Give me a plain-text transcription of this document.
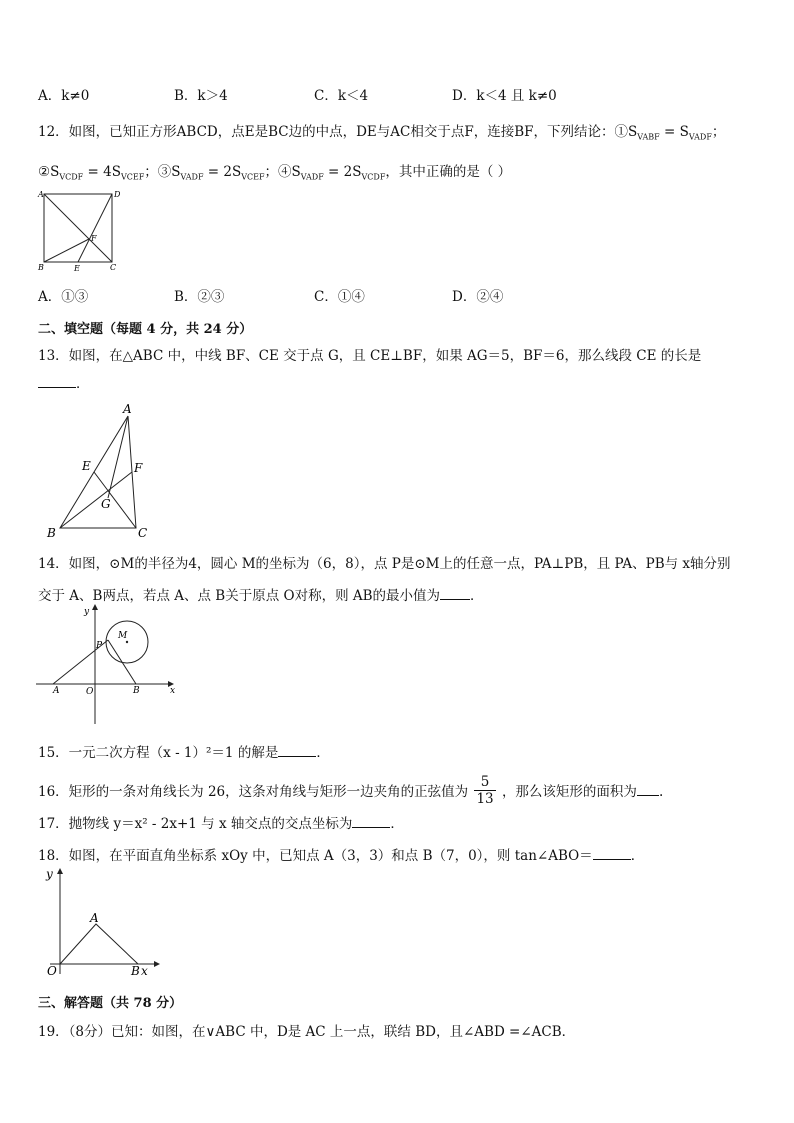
A．k≠0	B．k＞4	C．k＜4	D．k＜4 且 k≠0
12．如图，已知正方形ABCD，点E是BC边的中点，DE与AC相交于点F，连接BF，下列结论：$①S_{VABF} = S_{VADF}$；
$②S_{VCDF} = 4S_{VCEF}$；$③S_{VADF} = 2S_{VCEF}$；$④S_{VADF} = 2S_{VCDF}$，其中正确的是（ ）
A	D
F
B	E	C
A．①③	B．②③	C．①④	D．②④
二、填空题（每题 4 分，共 24 分）
13．如图，在△ABC 中，中线 BF、CE 交于点 G，且 CE⊥BF，如果 AG＝5，BF＝6，那么线段 CE 的长是
．
A
E	F
G
B	C
14．如图，⊙M的半径为4，圆心 M的坐标为（6，8），点 P是⊙M上的任意一点，PA⊥PB，且 PA、PB与 x轴分别
交于 A、B两点，若点 A、点 B关于原点 O对称，则 AB的最小值为 ．
y
M
P
A	O	B	x
15．一元二次方程（x - 1）²＝1 的解是	．
16．矩形的一条对角线长为 26，这条对角线与矩形一边夹角的正弦值为 $\frac{5}{13}$ ，那么该矩形的面积为 .
17．抛物线 y＝x² - 2x+1 与 x 轴交点的交点坐标为	．
18．如图，在平面直角坐标系 xOy 中，已知点 A（3，3）和点 B（7，0），则 tan∠ABO＝	．
y
A
O	B x
三、解答题（共 78 分）
19．（8分）已知：如图，在∨ABC 中，D是 AC 上一点，联结 BD，且∠ABD =∠ACB．
